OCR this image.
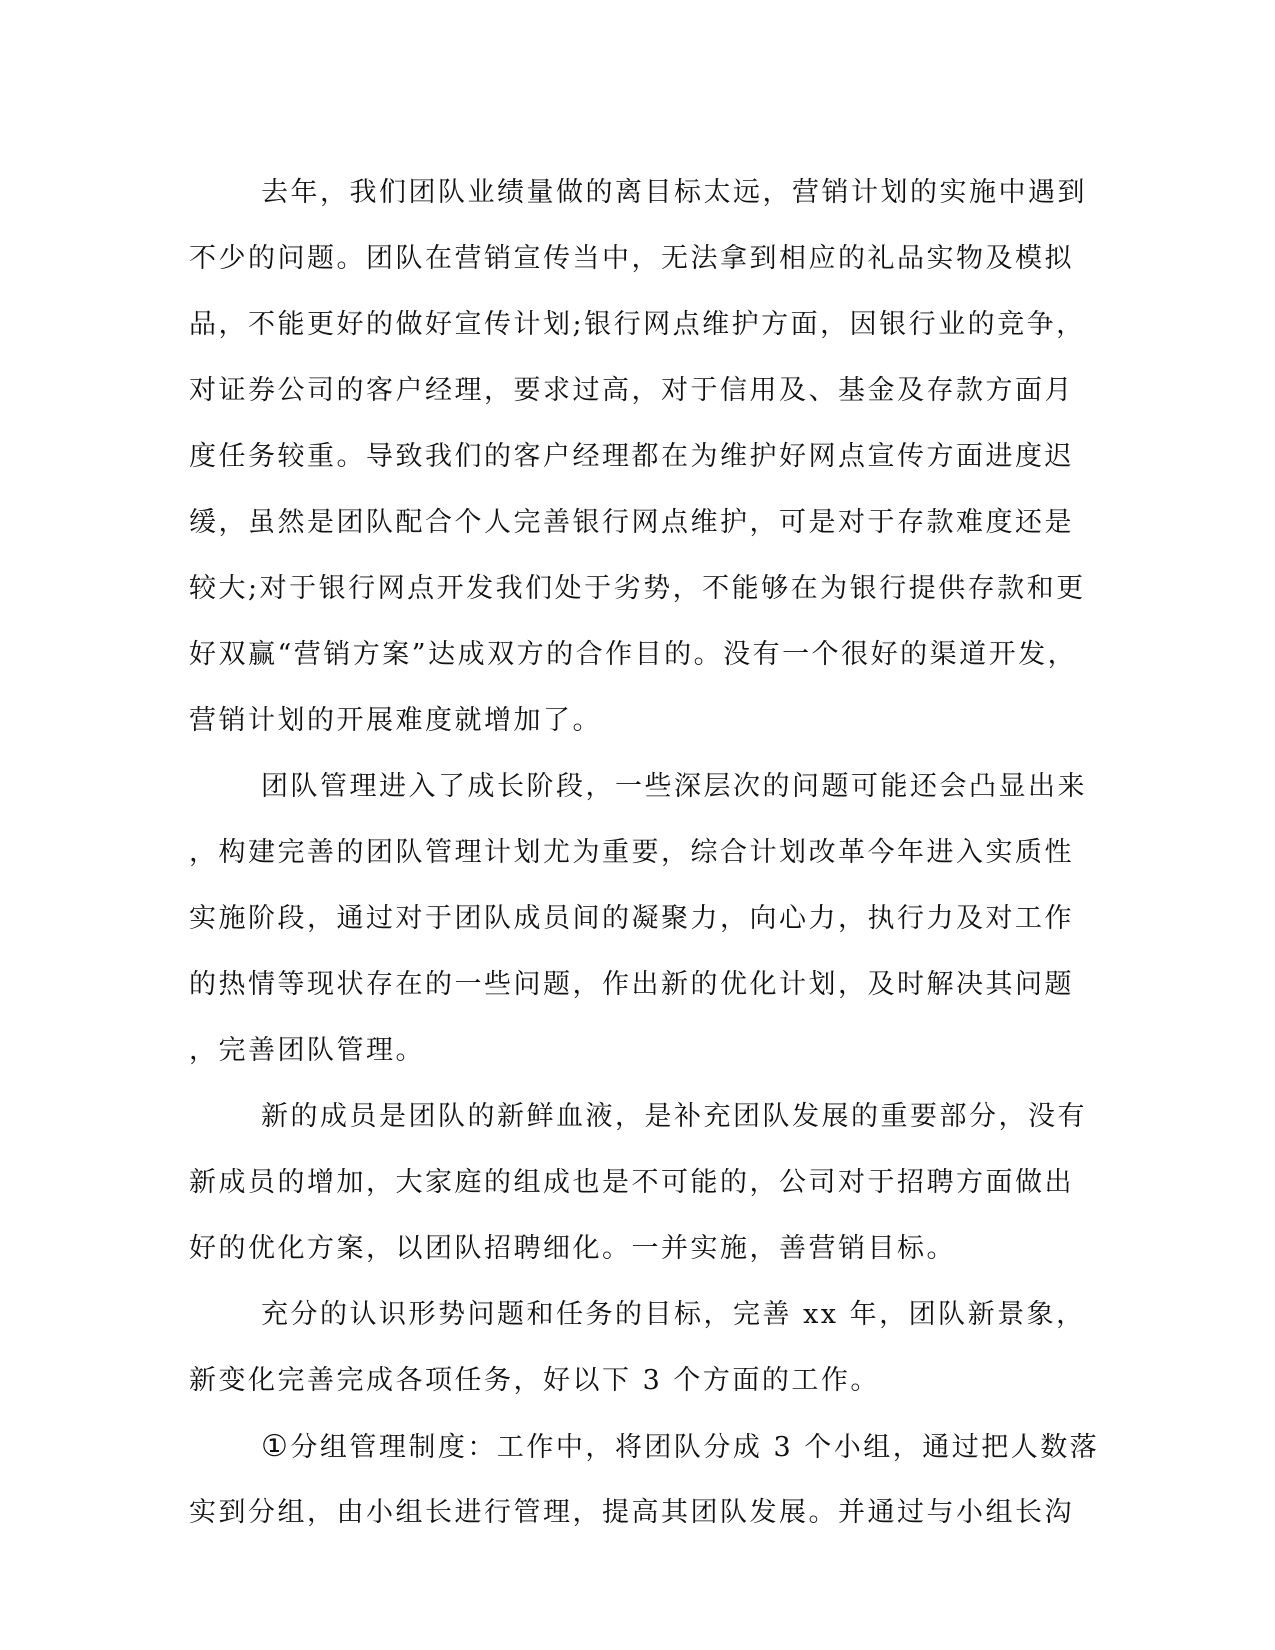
去年，我们团队业绩量做的离目标太远，营销计划的实施中遇到
不少的问题。团队在营销宣传当中，无法拿到相应的礼品实物及模拟
品，不能更好的做好宣传计划;银行网点维护方面，因银行业的竞争，
对证券公司的客户经理，要求过高，对于信用及、基金及存款方面月
度任务较重。导致我们的客户经理都在为维护好网点宣传方面进度迟
缓，虽然是团队配合个人完善银行网点维护，可是对于存款难度还是
较大;对于银行网点开发我们处于劣势，不能够在为银行提供存款和更
好双赢“营销方案”达成双方的合作目的。没有一个很好的渠道开发，
营销计划的开展难度就增加了。
团队管理进入了成长阶段，一些深层次的问题可能还会凸显出来
，构建完善的团队管理计划尤为重要，综合计划改革今年进入实质性
实施阶段，通过对于团队成员间的凝聚力，向心力，执行力及对工作
的热情等现状存在的一些问题，作出新的优化计划，及时解决其问题
，完善团队管理。
新的成员是团队的新鲜血液，是补充团队发展的重要部分，没有
新成员的增加，大家庭的组成也是不可能的，公司对于招聘方面做出
好的优化方案，以团队招聘细化。一并实施，善营销目标。
充分的认识形势问题和任务的目标，完善 xx 年，团队新景象，
新变化完善完成各项任务，好以下 3 个方面的工作。
①分组管理制度：工作中，将团队分成 3 个小组，通过把人数落
实到分组，由小组长进行管理，提高其团队发展。并通过与小组长沟
